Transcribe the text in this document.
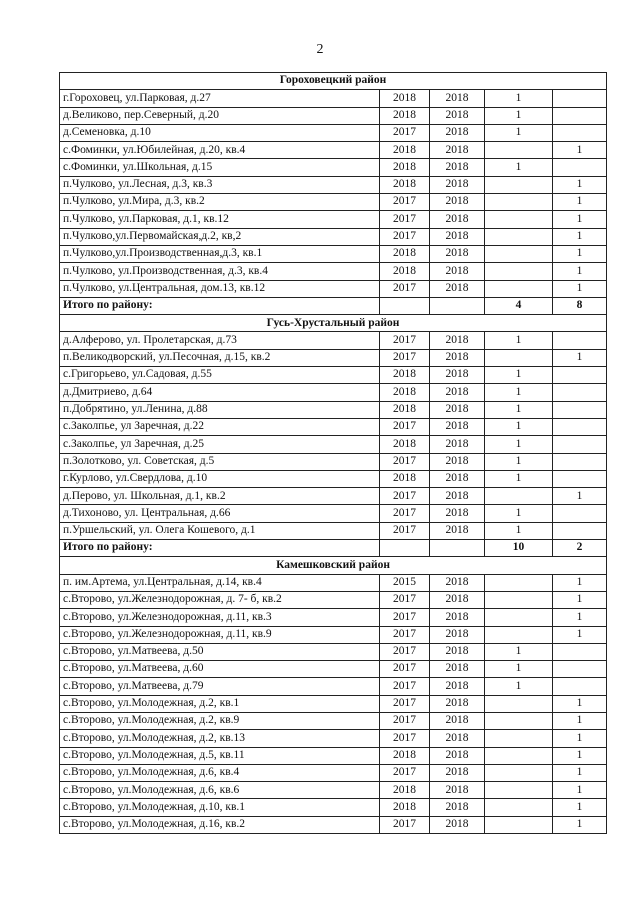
2
Гороховецкий район				
г.Гороховец, ул.Парковая, д.27	2018	2018	1	
д.Великово, пер.Северный, д.20	2018	2018	1	
д.Семеновка, д.10	2017	2018	1	
с.Фоминки, ул.Юбилейная, д.20, кв.4	2018	2018		1
с.Фоминки, ул.Школьная, д.15	2018	2018	1	
п.Чулково, ул.Лесная, д.3, кв.3	2018	2018		1
п.Чулково, ул.Мира, д.3, кв.2	2017	2018		1
п.Чулково, ул.Парковая, д.1, кв.12	2017	2018		1
п.Чулково,ул.Первомайская,д.2, кв,2	2017	2018		1
п.Чулково,ул.Производственная,д.3, кв.1	2018	2018		1
п.Чулково, ул.Производственная, д.3, кв.4	2018	2018		1
п.Чулково, ул.Центральная, дом.13, кв.12	2017	2018		1
Итого по району:			4	8
Гусь-Хрустальный район				
д.Алферово, ул. Пролетарская, д.73	2017	2018	1	
п.Великодворский, ул.Песочная, д.15, кв.2	2017	2018		1
с.Григорьево, ул.Садовая, д.55	2018	2018	1	
д.Дмитриево, д.64	2018	2018	1	
п.Добрятино, ул.Ленина, д.88	2018	2018	1	
с.Заколпье, ул Заречная, д.22	2017	2018	1	
с.Заколпье, ул Заречная, д.25	2018	2018	1	
п.Золотково, ул. Советская, д.5	2017	2018	1	
г.Курлово, ул.Свердлова, д.10	2018	2018	1	
д.Перово, ул. Школьная, д.1, кв.2	2017	2018		1
д.Тихоново, ул. Центральная, д.66	2017	2018	1	
п.Уршельский, ул. Олега Кошевого, д.1	2017	2018	1	
Итого по району:			10	2
Камешковский район				
п. им.Артема, ул.Центральная, д.14, кв.4	2015	2018		1
с.Второво, ул.Железнодорожная, д. 7- б, кв.2	2017	2018		1
с.Второво, ул.Железнодорожная, д.11, кв.3	2017	2018		1
с.Второво, ул.Железнодорожная, д.11, кв.9	2017	2018		1
с.Второво, ул.Матвеева, д.50	2017	2018	1	
с.Второво, ул.Матвеева, д.60	2017	2018	1	
с.Второво, ул.Матвеева, д.79	2017	2018	1	
с.Второво, ул.Молодежная, д.2, кв.1	2017	2018		1
с.Второво, ул.Молодежная, д.2, кв.9	2017	2018		1
с.Второво, ул.Молодежная, д.2, кв.13	2017	2018		1
с.Второво, ул.Молодежная, д.5, кв.11	2018	2018		1
с.Второво, ул.Молодежная, д.6, кв.4	2017	2018		1
с.Второво, ул.Молодежная, д.6, кв.6	2018	2018		1
с.Второво, ул.Молодежная, д.10, кв.1	2018	2018		1
с.Второво, ул.Молодежная, д.16, кв.2	2017	2018		1
